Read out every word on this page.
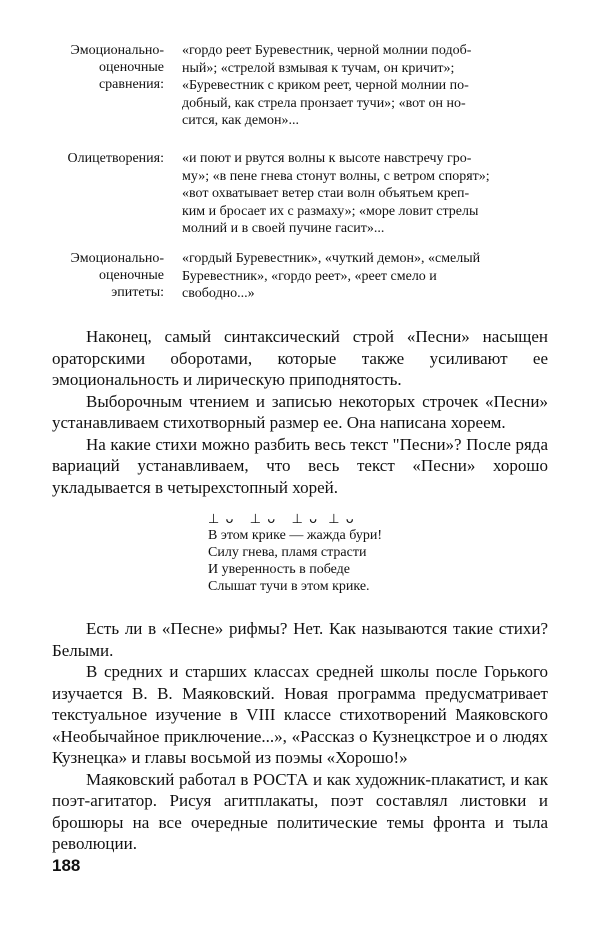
Эмоционально-
оценочные
сравнения:
«гордо реет Буревестник, черной молнии подоб-
ный»; «стрелой взмывая к тучам, он кричит»;
«Буревестник с криком реет, черной молнии по-
добный, как стрела пронзает тучи»; «вот он но-
сится, как демон»...
Олицетворения: «и поют и рвутся волны к высоте навстречу гро-
му»; «в пене гнева стонут волны, с ветром спорят»;
«вот охватывает ветер стаи волн объятьем креп-
ким и бросает их с размаху»; «море ловит стрелы
молний и в своей пучине гасит»...
Эмоционально-
оценочные
эпитеты:
«гордый Буревестник», «чуткий демон», «смелый
Буревестник», «гордо реет», «реет смело и
свободно...»

Наконец, самый синтаксический строй «Песни» насыщен ораторскими оборотами, которые также усиливают ее эмоциональность и лирическую приподнятость.

Выборочным чтением и записью некоторых строчек «Песни» устанавливаем стихотворный размер ее. Она написана хореем.

На какие стихи можно разбить весь текст "Песни»? После ряда вариаций устанавливаем, что весь текст «Песни» хорошо укладывается в четырехстопный хорей.

⊥ ᴗ   ⊥ ᴗ   ⊥ ᴗ  ⊥ ᴗ
В этом крике — жажда бури!
Силу гнева, пламя страсти
И уверенность в победе
Слышат тучи в этом крике.

Есть ли в «Песне» рифмы? Нет. Как называются такие стихи? Белыми.

В средних и старших классах средней школы после Горького изучается В. В. Маяковский. Новая программа предусматривает текстуальное изучение в VIII классе стихотворений Маяковского «Необычайное приключение...», «Рассказ о Кузнецкстрое и о людях Кузнецка» и главы восьмой из поэмы «Хорошо!»

Маяковский работал в РОСТА и как художник-плакатист, и как поэт-агитатор. Рисуя агитплакаты, поэт составлял листовки и брошюры на все очередные политические темы фронта и тыла революции.

188
